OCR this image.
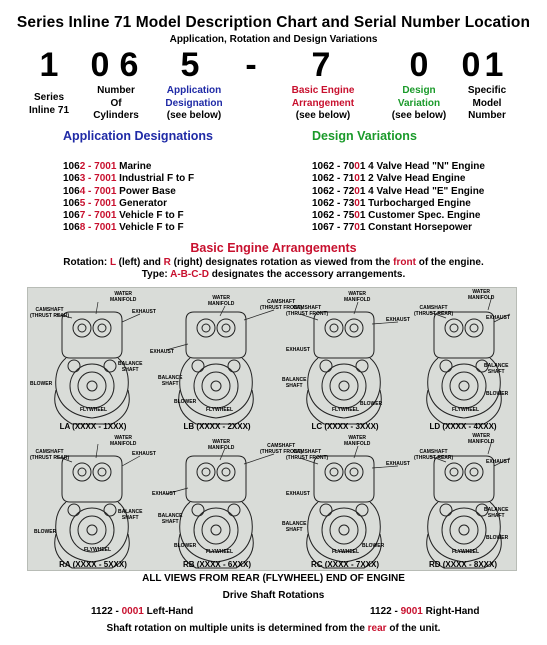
Series Inline 71 Model Description Chart and Serial Number Location
Application, Rotation and Design Variations
1 0 6	5	-	7	0 0 1
Series
Inline 71
Number
Of
Cylinders
Application
Designation
(see below)
Basic Engine
Arrangement
(see below)
Design
Variation
(see below)
Specific
Model
Number
Application Designations	Design Variations
1062 - 7001 Marine
1063 - 7001 Industrial F to F
1064 - 7001 Power Base
1065 - 7001 Generator
1067 - 7001 Vehicle F to F
1068 - 7001 Vehicle F to F
1062 - 7001 4 Valve Head "N" Engine
1062 - 7101 2 Valve Head Engine
1062 - 7201 4 Valve Head "E" Engine
1062 - 7301 Turbocharged Engine
1062 - 7501 Customer Spec. Engine
1067 - 7701 Constant Horsepower
Basic Engine Arrangements
Rotation: L (left) and R (right) designates rotation as viewed from the front of the engine.
Type: A-B-C-D designates the accessory arrangements.
WATER
MANIFOLD
CAMSHAFT
(THRUST REAR)
EXHAUST
BALANCE
SHAFT
BLOWER
FLYWHEEL
WATER
MANIFOLD	CAMSHAFT
(THRUST FRONT)
EXHAUST
BALANCE
SHAFT
BLOWER
FLYWHEEL
WATER
MANIFOLD
CAMSHAFT
(THRUST FRONT)
EXHAUST
BALANCE
SHAFT
EXHAUST
BLOWER
FLYWHEEL
WATER
MANIFOLD
CAMSHAFT
(THRUST REAR)
EXHAUST
BALANCE
SHAFT
BLOWER
FLYWHEEL
WATER
MANIFOLD
CAMSHAFT
(THRUST REAR)
EXHAUST
BALANCE
SHAFT
BLOWER
FLYWHEEL
WATER
MANIFOLD	CAMSHAFT
(THRUST FRONT)
EXHAUST
BALANCE
SHAFT
BLOWER
FLYWHEEL
WATER
MANIFOLD
CAMSHAFT
(THRUST FRONT)
EXHAUST
BALANCE
SHAFT
EXHAUST
BLOWER
FLYWHEEL
WATER
MANIFOLD
CAMSHAFT
(THRUST REAR)
EXHAUST
BALANCE
SHAFT
BLOWER
FLYWHEEL
LA (XXXX - 1XXX)	LB (XXXX - 2XXX)	LC (XXXX - 3XXX)	LD (XXXX - 4XXX)
RA (XXXX - 5XXX)	RB (XXXX - 6XXX)	RC (XXXX - 7XXX)	RD (XXXX - 8XXX)
ALL VIEWS FROM REAR (FLYWHEEL) END OF ENGINE
Drive Shaft Rotations
1122 - 0001 Left-Hand	1122 - 9001 Right-Hand
Shaft rotation on multiple units is determined from the rear of the unit.
